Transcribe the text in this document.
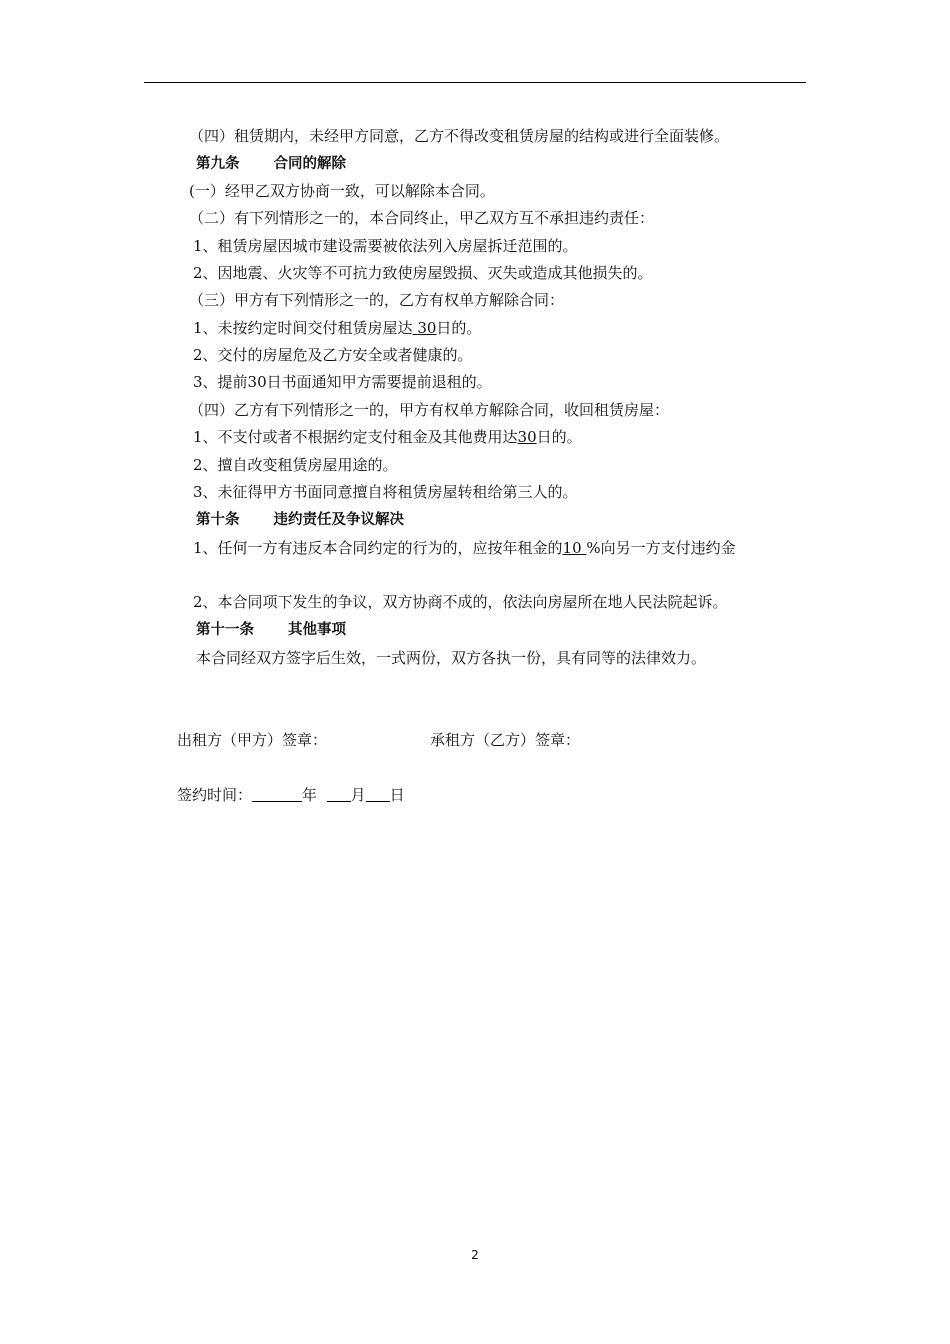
（四）租赁期内，未经甲方同意，乙方不得改变租赁房屋的结构或进行全面装修。
第九条 合同的解除
(一）经甲乙双方协商一致，可以解除本合同。
（二）有下列情形之一的，本合同终止，甲乙双方互不承担违约责任：
1、租赁房屋因城市建设需要被依法列入房屋拆迁范围的。
2、因地震、火灾等不可抗力致使房屋毁损、灭失或造成其他损失的。
（三）甲方有下列情形之一的，乙方有权单方解除合同：
1、未按约定时间交付租赁房屋达 30日的。
2、交付的房屋危及乙方安全或者健康的。
3、提前30日书面通知甲方需要提前退租的。
（四）乙方有下列情形之一的，甲方有权单方解除合同，收回租赁房屋：
1、不支付或者不根据约定支付租金及其他费用达30日的。
2、擅自改变租赁房屋用途的。
3、未征得甲方书面同意擅自将租赁房屋转租给第三人的。
第十条 违约责任及争议解决
1、任何一方有违反本合同约定的行为的，应按年租金的10 %向另一方支付违约金
2、本合同项下发生的争议，双方协商不成的，依法向房屋所在地人民法院起诉。
第十一条 其他事项
本合同经双方签字后生效，一式两份，双方各执一份，具有同等的法律效力。
出租方（甲方）签章：	承租方（乙方）签章：
签约时间：	年 月 日
2
